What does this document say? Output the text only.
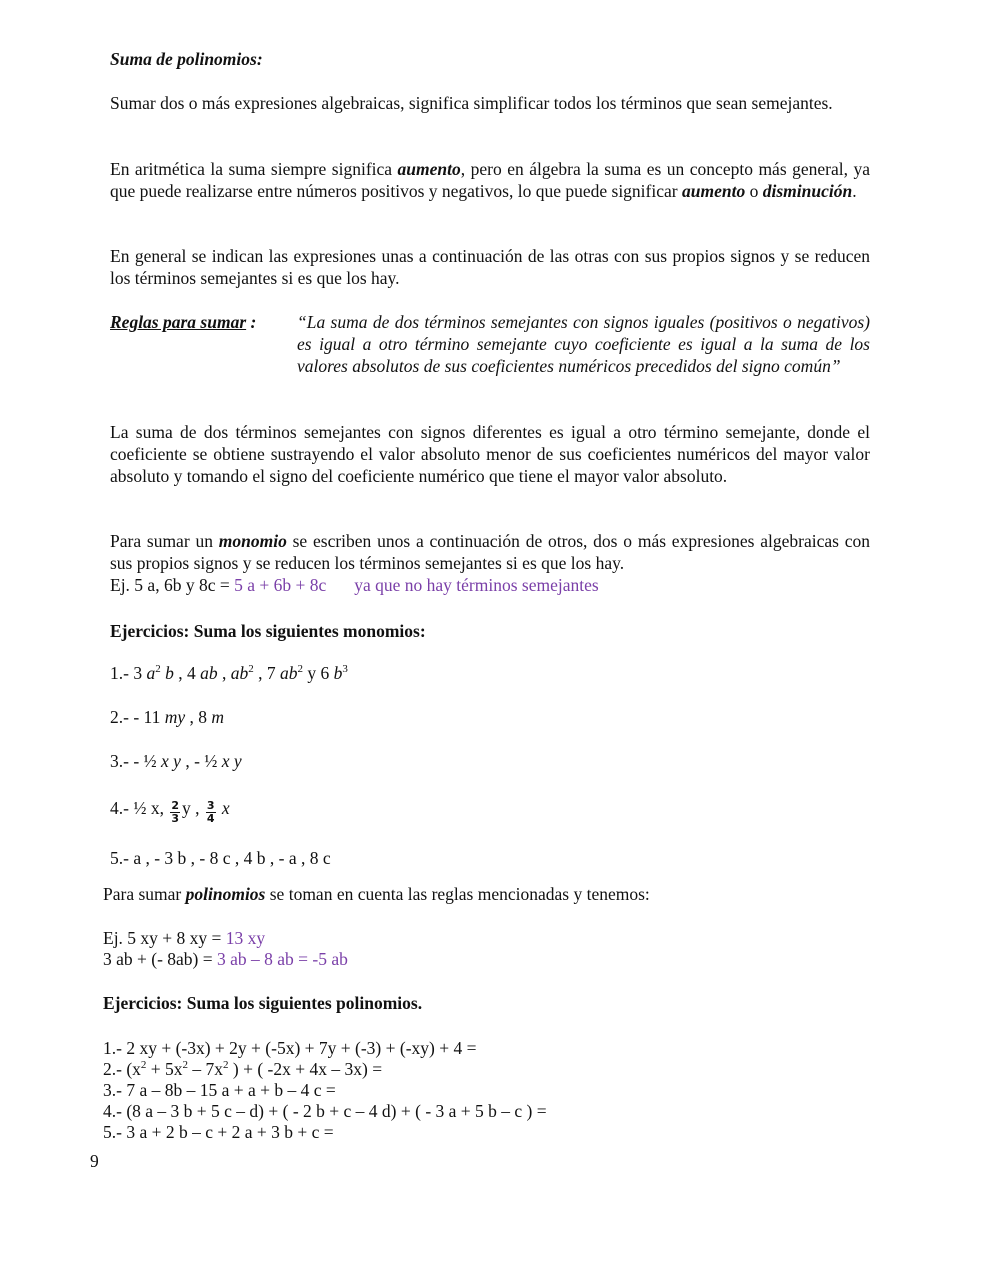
Suma de polinomios:
Sumar dos o más expresiones algebraicas, significa simplificar todos los términos que sean semejantes.
En aritmética la suma siempre significa aumento, pero en álgebra la suma es un concepto más general, ya que puede realizarse entre números positivos y negativos, lo que puede significar aumento o disminución.
En general se indican las expresiones unas a continuación de las otras con sus propios signos y se reducen los términos semejantes si es que los hay.
Reglas para sumar : “La suma de dos términos semejantes con signos iguales (positivos o negativos) es igual a otro término semejante cuyo coeficiente es igual a la suma de los valores absolutos de sus coeficientes numéricos precedidos del signo común”
La suma de dos términos semejantes con signos diferentes es igual a otro término semejante, donde el coeficiente se obtiene sustrayendo el valor absoluto menor de sus coeficientes numéricos del mayor valor absoluto y tomando el signo del coeficiente numérico que tiene el mayor valor absoluto.
Para sumar un monomio se escriben unos a continuación de otros, dos o más expresiones algebraicas con sus propios signos y se reducen los términos semejantes si es que los hay.
Ej. 5 a, 6b y 8c = 5 a + 6b + 8c ya que no hay términos semejantes
Ejercicios: Suma los siguientes monomios:
1.- 3 $a^2$ b , 4 ab , $ab^2$ , 7 $ab^2$ y 6 $b^3$
2.- - 11 my , 8 m
3.- - ½ x y , - ½ x y
4.- ½ x, $\frac{2}{3}$ y , $\frac{3}{4}$ x
5.- a , - 3 b , - 8 c , 4 b , - a , 8 c
Para sumar polinomios se toman en cuenta las reglas mencionadas y tenemos:
Ej. 5 xy + 8 xy = 13 xy
3 ab + (- 8ab) = 3 ab – 8 ab = -5 ab
Ejercicios: Suma los siguientes polinomios.
1.- 2 xy + (-3x) + 2y + (-5x) + 7y + (-3) + (-xy) + 4 =
2.- ($x^2 + 5x^2 - 7x^2$ ) + ( -2x + 4x – 3x) =
3.- 7 a – 8b – 15 a + a + b – 4 c =
4.- (8 a – 3 b + 5 c – d) + ( - 2 b + c – 4 d) + ( - 3 a + 5 b – c ) =
5.- 3 a + 2 b – c + 2 a + 3 b + c =
9
